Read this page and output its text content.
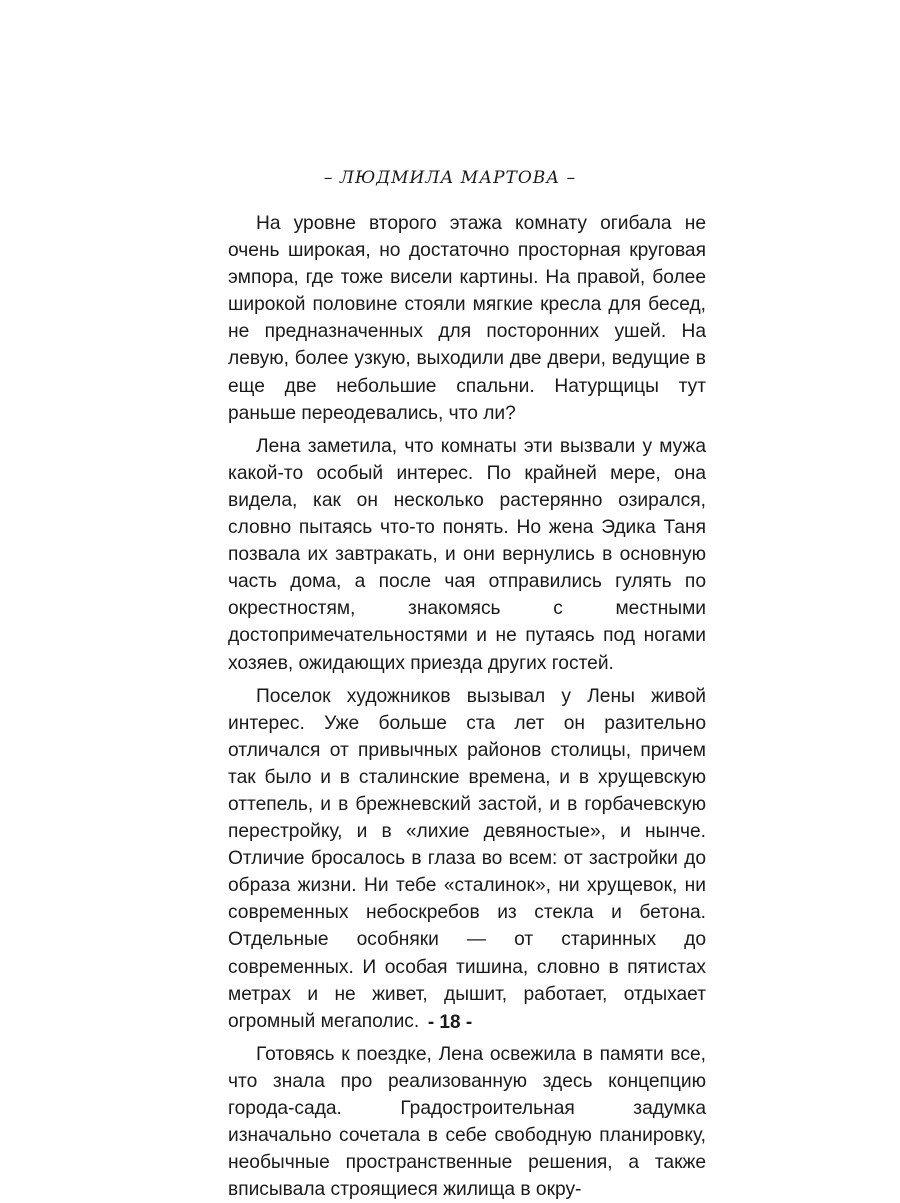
– ЛЮДМИЛА МАРТОВА –

На уровне второго этажа комнату огибала не очень широкая, но достаточно просторная круговая эмпора, где тоже висели картины. На правой, более широкой половине стояли мягкие кресла для бесед, не предназначенных для посторонних ушей. На левую, более узкую, выходили две двери, ведущие в еще две небольшие спальни. Натурщицы тут раньше переодевались, что ли?

Лена заметила, что комнаты эти вызвали у мужа какой-то особый интерес. По крайней мере, она видела, как он несколько растерянно озирался, словно пытаясь что-то понять. Но жена Эдика Таня позвала их завтракать, и они вернулись в основную часть дома, а после чая отправились гулять по окрестностям, знакомясь с местными достопримечательностями и не путаясь под ногами хозяев, ожидающих приезда других гостей.

Поселок художников вызывал у Лены живой интерес. Уже больше ста лет он разительно отличался от привычных районов столицы, причем так было и в сталинские времена, и в хрущевскую оттепель, и в брежневский застой, и в горбачевскую перестройку, и в «лихие девяностые», и нынче. Отличие бросалось в глаза во всем: от застройки до образа жизни. Ни тебе «сталинок», ни хрущевок, ни современных небоскребов из стекла и бетона. Отдельные особняки — от старинных до современных. И особая тишина, словно в пятистах метрах и не живет, дышит, работает, отдыхает огромный мегаполис.

Готовясь к поездке, Лена освежила в памяти все, что знала про реализованную здесь концепцию города-сада. Градостроительная задумка изначально сочетала в себе свободную планировку, необычные пространственные решения, а также вписывала строящиеся жилища в окру-

- 18 -
